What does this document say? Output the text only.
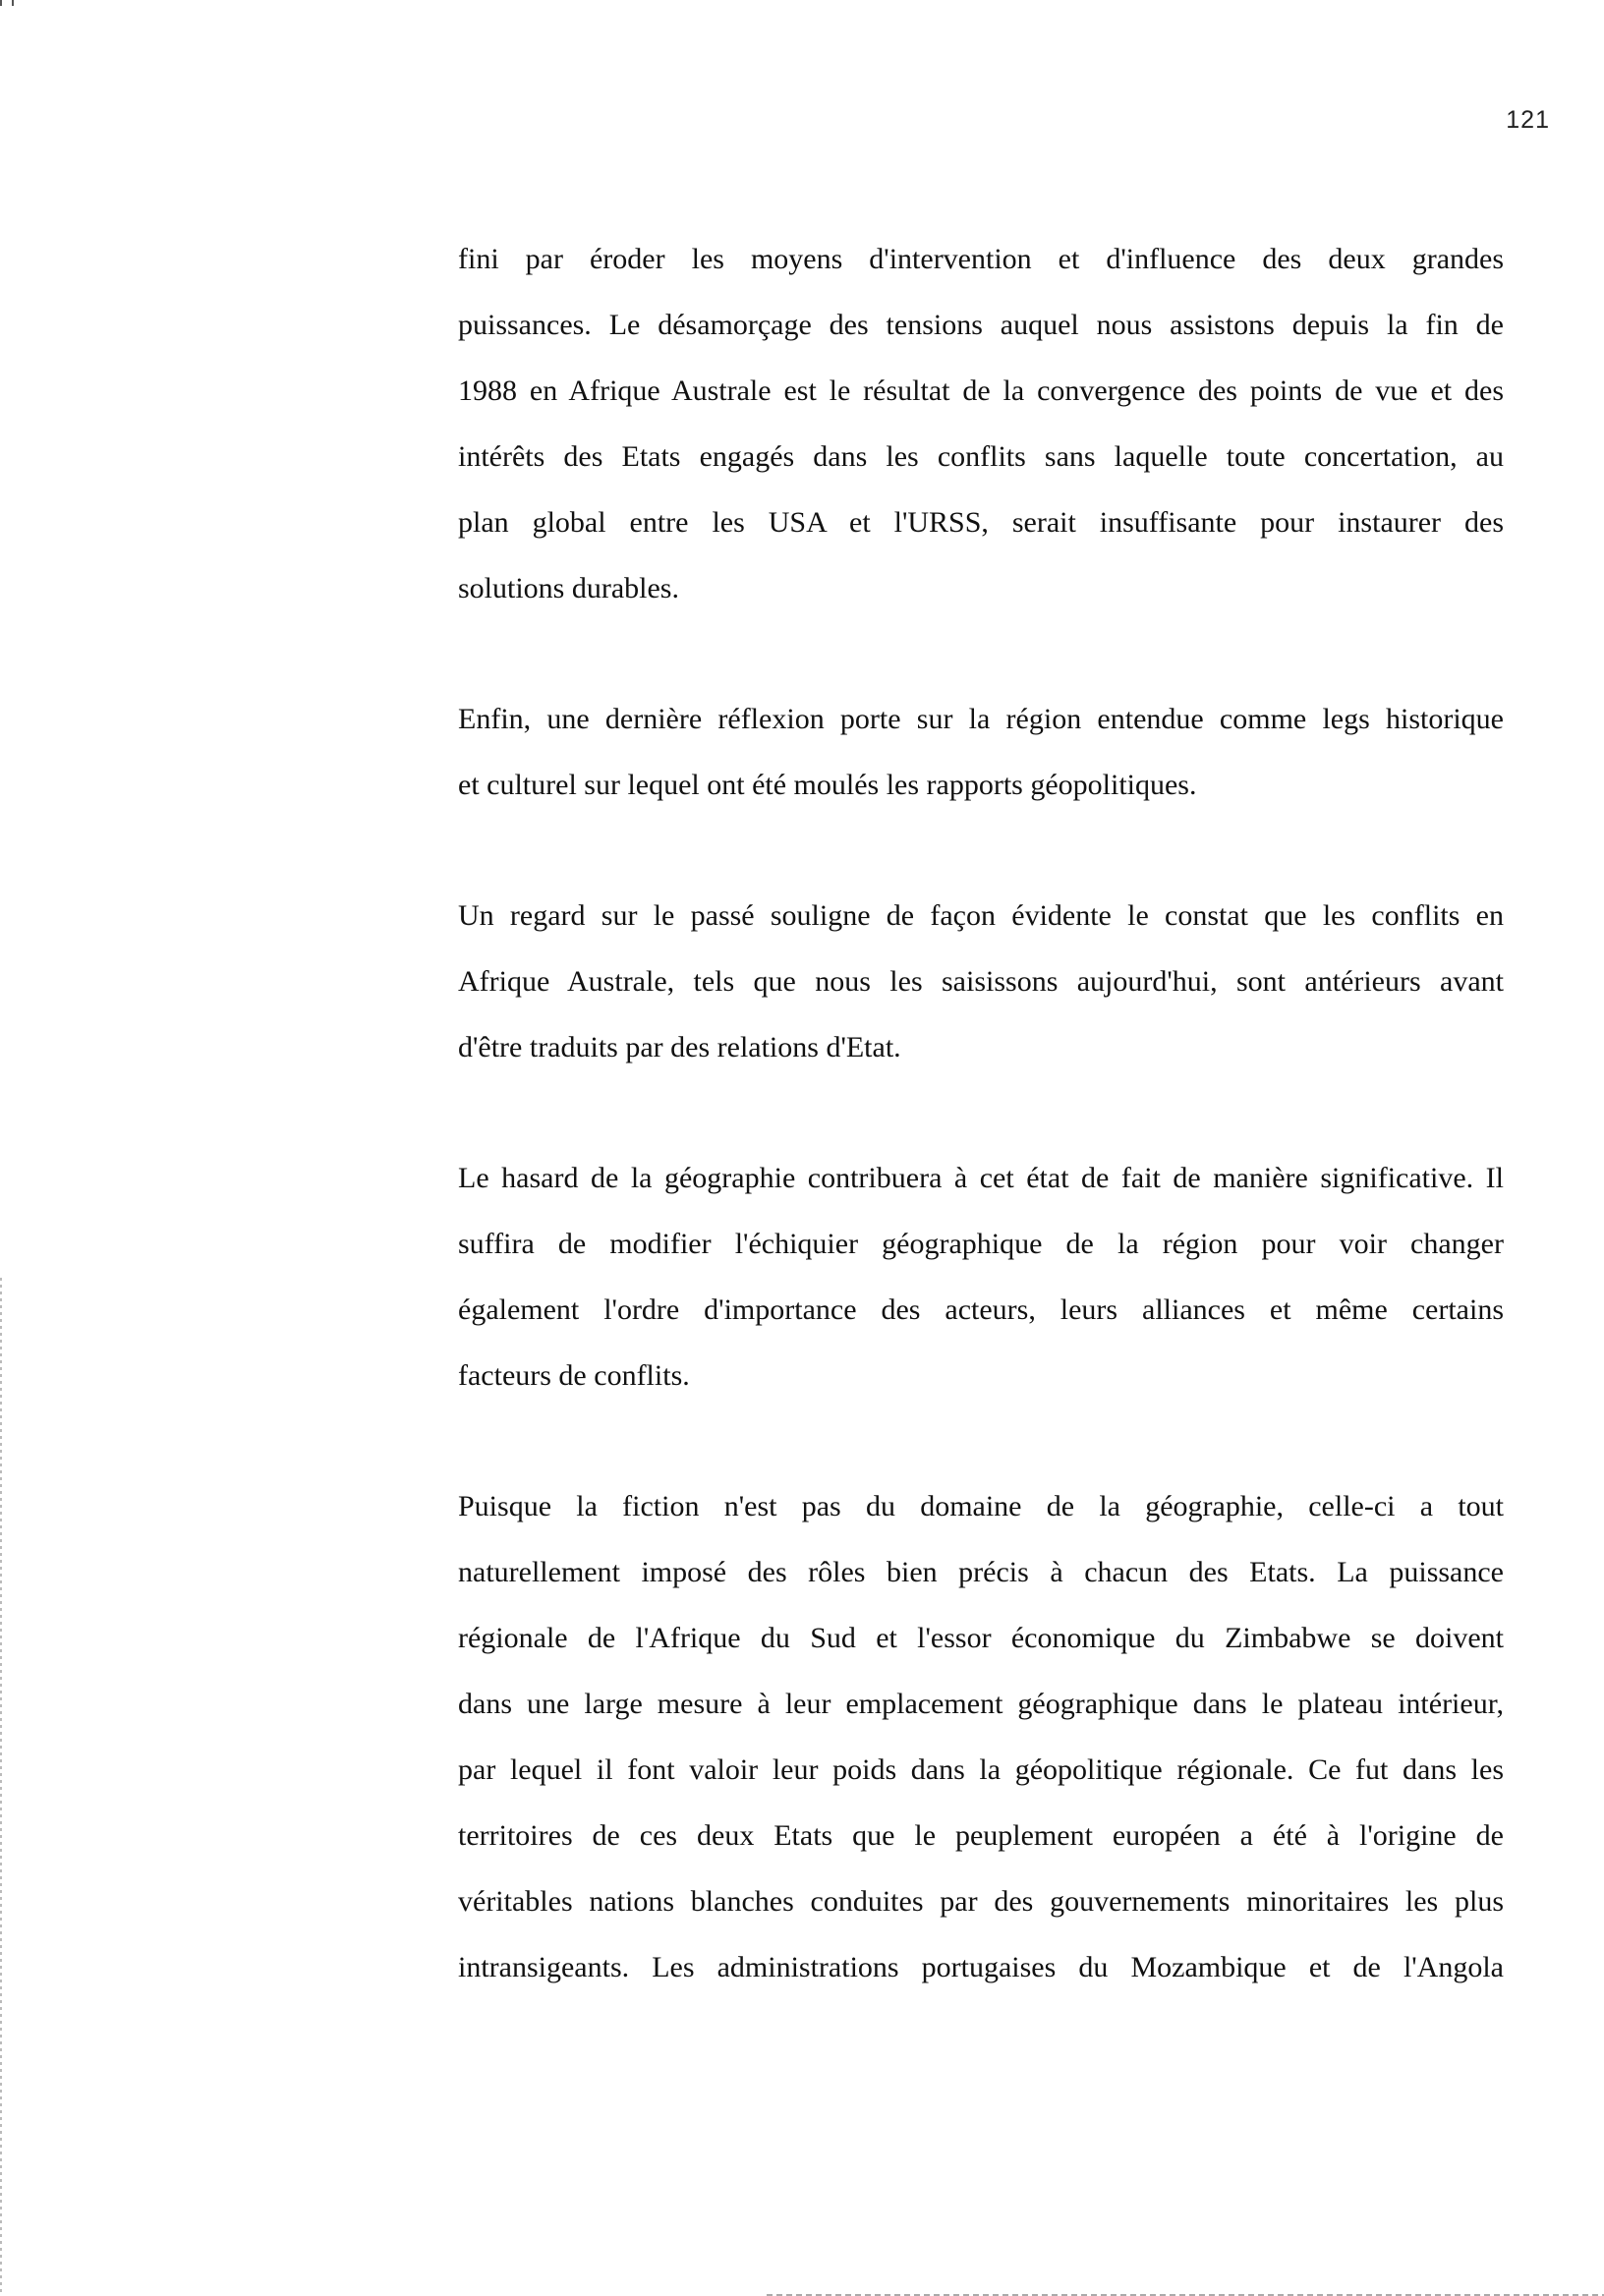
121

fini par éroder les moyens d'intervention et d'influence des deux grandes
puissances. Le désamorçage des tensions auquel nous assistons depuis la fin de
1988 en Afrique Australe est le résultat de la convergence des points de vue et des
intérêts des Etats engagés dans les conflits sans laquelle toute concertation, au
plan global entre les USA et l'URSS, serait insuffisante pour instaurer des
solutions durables.

Enfin, une dernière réflexion porte sur la région entendue comme legs historique
et culturel sur lequel ont été moulés les rapports géopolitiques.

Un regard sur le passé souligne de façon évidente le constat que les conflits en
Afrique Australe, tels que nous les saisissons aujourd'hui, sont antérieurs avant
d'être traduits par des relations d'Etat.

Le hasard de la géographie contribuera à cet état de fait de manière significative. Il
suffira de modifier l'échiquier géographique de la région pour voir changer
également l'ordre d'importance des acteurs, leurs alliances et même certains
facteurs de conflits.

Puisque la fiction n'est pas du domaine de la géographie, celle-ci a tout
naturellement imposé des rôles bien précis à chacun des Etats. La puissance
régionale de l'Afrique du Sud et l'essor économique du Zimbabwe se doivent
dans une large mesure à leur emplacement géographique dans le plateau intérieur,
par lequel il font valoir leur poids dans la géopolitique régionale. Ce fut dans les
territoires de ces deux Etats que le peuplement européen a été à l'origine de
véritables nations blanches conduites par des gouvernements minoritaires les plus
intransigeants. Les administrations portugaises du Mozambique et de l'Angola
